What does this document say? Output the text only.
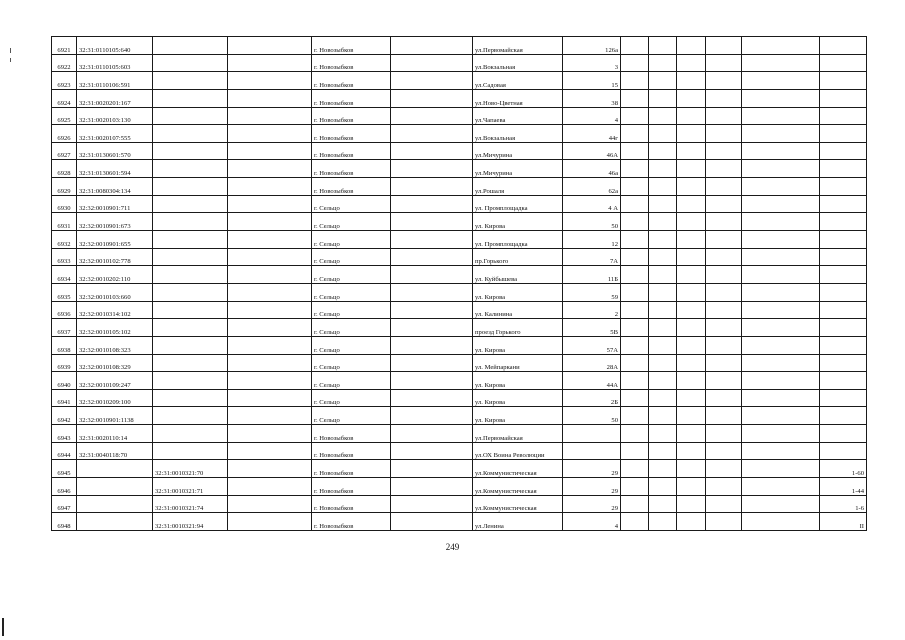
6921	32:31:0110105:640			г. Новозыбков		ул.Первомайская	126а						
6922	32:31:0110105:603			г. Новозыбков		ул.Вокзальная	3						
6923	32:31:0110106:591			г. Новозыбков		ул.Садовая	15						
6924	32:31:0020201:167			г. Новозыбков		ул.Ново-Цветная	38						
6925	32:31:0020103:130			г. Новозыбков		ул.Чапаева	4						
6926	32:31:0020107:555			г. Новозыбков		ул.Вокзальная	44г						
6927	32:31:0130601:570			г. Новозыбков		ул.Мичурина	46А						
6928	32:31:0130601:594			г. Новозыбков		ул.Мичурина	46а						
6929	32:31:0080304:134			г. Новозыбков		ул.Рошаля	62а						
6930	32:32:0010901:711			г. Сельцо		ул. Промплощадка	4 А						
6931	32:32:0010901:673			г. Сельцо		ул. Кирова	50						
6932	32:32:0010901:655			г. Сельцо		ул. Промплощадка	12						
6933	32:32:0010102:778			г. Сельцо		пр.Горького	7А						
6934	32:32:0010202:110			г. Сельцо		ул. Куйбышева	11Б						
6935	32:32:0010103:660			г. Сельцо		ул. Кирова	59						
6936	32:32:0010314:102			г. Сельцо		ул. Калинина	2						
6937	32:32:0010105:102			г. Сельцо		проезд Горького	5В						
6938	32:32:0010108:323			г. Сельцо		ул. Кирова	57А						
6939	32:32:0010108:329			г. Сельцо		ул. Мейпаркани	28А						
6940	32:32:0010109:247			г. Сельцо		ул. Кирова	44А						
6941	32:32:0010209:100			г. Сельцо		ул. Кирова	2Б						
6942	32:32:0010901:1138			г. Сельцо		ул. Кирова	50						
6943	32:31:0020110:14			г. Новозыбков		ул.Первомайская							
6944	32:31:0040118:70			г. Новозыбков		ул.ОХ Воина Революции							
6945		32:31:0010321:70		г. Новозыбков		ул.Коммунистическая	29						1-60
6946		32:31:0010321:71		г. Новозыбков		ул.Коммунистическая	29						1-44
6947		32:31:0010321:74		г. Новозыбков		ул.Коммунистическая	29						1-6
6948		32:31:0010321:94		г. Новозыбков		ул.Ленина	4						II
249
